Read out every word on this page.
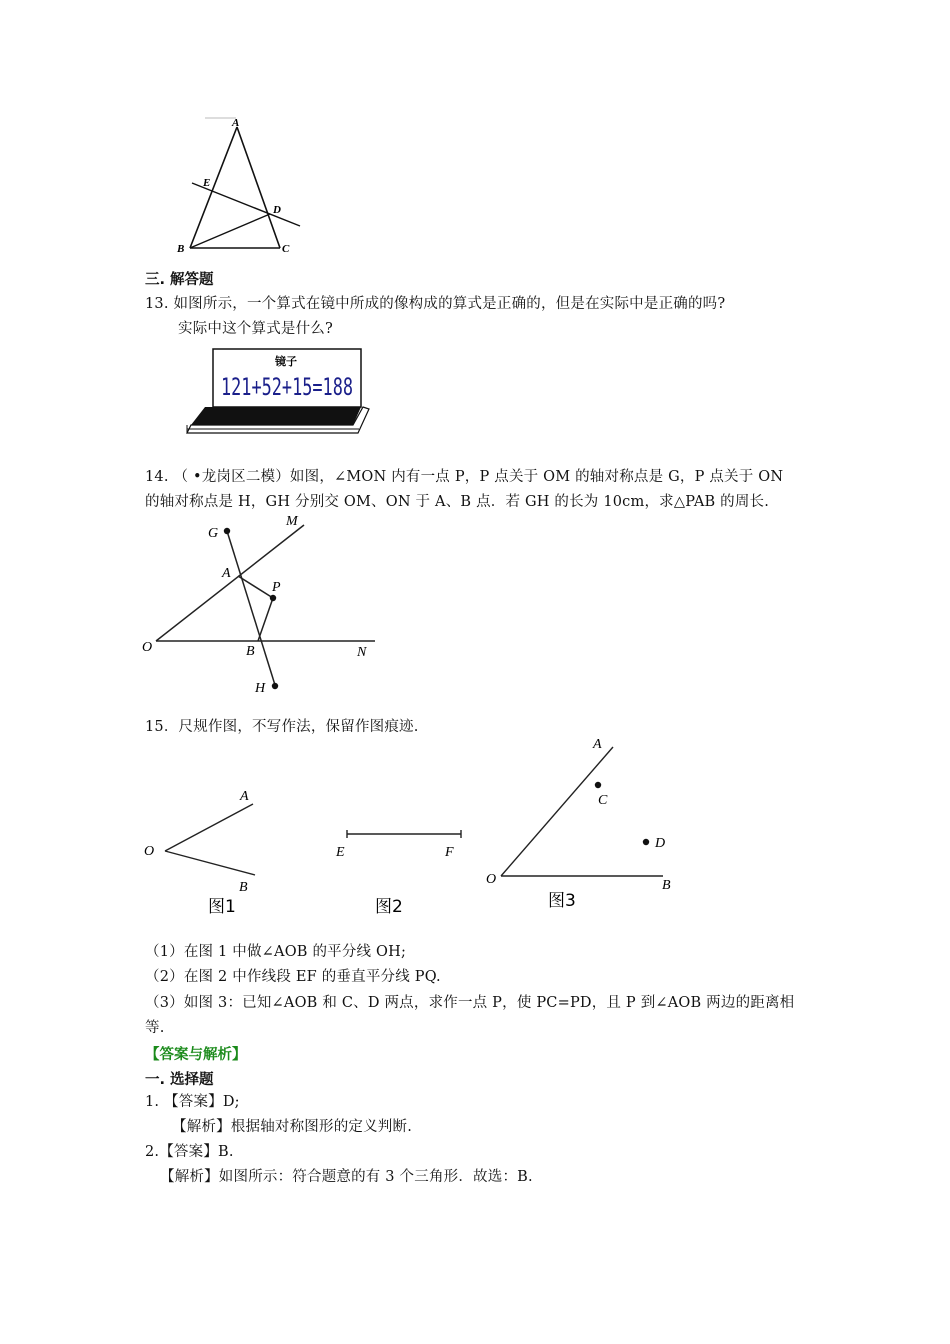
A
E
D
B	C
三. 解答题
13. 如图所示，一个算式在镜中所成的像构成的算式是正确的，但是在实际中是正确的吗?
实际中这个算式是什么?
镜子
121+52+15=188
14. （ •龙岗区二模）如图，∠MON 内有一点 P，P 点关于 OM 的轴对称点是 G，P 点关于 ON
的轴对称点是 H，GH 分别交 OM、ON 于 A、B 点．若 GH 的长为 10cm，求△PAB 的周长.
G
M
A
P
O	B	N
H
15．尺规作图，不写作法，保留作图痕迹.
O
A
B
图1
E	F
图2
A
C
D
O	B
图3
（1）在图 1 中做∠AOB 的平分线 OH;
（2）在图 2 中作线段 EF 的垂直平分线 PQ.
（3）如图 3：已知∠AOB 和 C、D 两点，求作一点 P，使 PC=PD，且 P 到∠AOB 两边的距离相
等.
【答案与解析】
一. 选择题
1. 【答案】D;
【解析】根据轴对称图形的定义判断.
2.【答案】B.
【解析】如图所示：符合题意的有 3 个三角形．故选：B.
